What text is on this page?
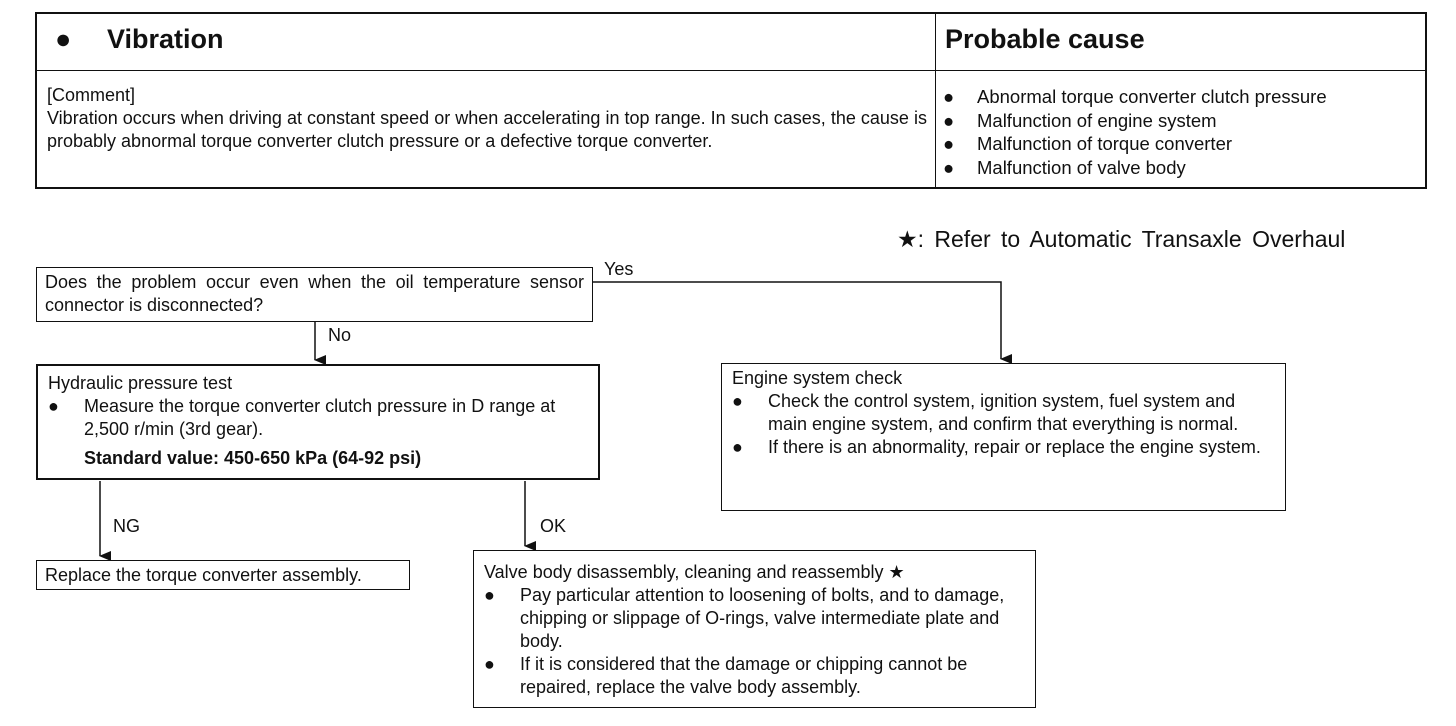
● Vibration	Probable cause
[Comment]
Vibration occurs when driving at constant speed or when accelerating in top range. In such cases, the cause is probably abnormal torque converter clutch pressure or a defective torque converter.
● Abnormal torque converter clutch pressure
● Malfunction of engine system
● Malfunction of torque converter
● Malfunction of valve body
★: Refer to Automatic Transaxle Overhaul
Yes
No
NG	OK
Does the problem occur even when the oil temperature sensor connector is disconnected?
Hydraulic pressure test
● Measure the torque converter clutch pressure in D range at 2,500 r/min (3rd gear).
Standard value: 450-650 kPa (64-92 psi)
Engine system check
● Check the control system, ignition system, fuel system and main engine system, and confirm that everything is normal.
● If there is an abnormality, repair or replace the engine system.
Replace the torque converter assembly.	Valve body disassembly, cleaning and reassembly ★
● Pay particular attention to loosening of bolts, and to damage, chipping or slippage of O-rings, valve intermediate plate and body.
● If it is considered that the damage or chipping cannot be repaired, replace the valve body assembly.
